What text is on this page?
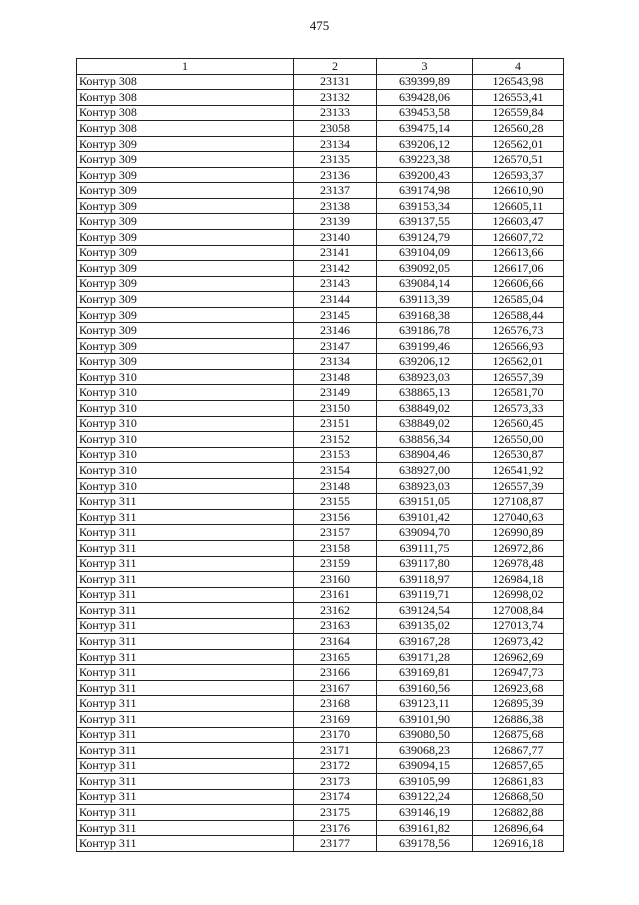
475
1	2	3	4
Контур 308	23131	639399,89	126543,98
Контур 308	23132	639428,06	126553,41
Контур 308	23133	639453,58	126559,84
Контур 308	23058	639475,14	126560,28
Контур 309	23134	639206,12	126562,01
Контур 309	23135	639223,38	126570,51
Контур 309	23136	639200,43	126593,37
Контур 309	23137	639174,98	126610,90
Контур 309	23138	639153,34	126605,11
Контур 309	23139	639137,55	126603,47
Контур 309	23140	639124,79	126607,72
Контур 309	23141	639104,09	126613,66
Контур 309	23142	639092,05	126617,06
Контур 309	23143	639084,14	126606,66
Контур 309	23144	639113,39	126585,04
Контур 309	23145	639168,38	126588,44
Контур 309	23146	639186,78	126576,73
Контур 309	23147	639199,46	126566,93
Контур 309	23134	639206,12	126562,01
Контур 310	23148	638923,03	126557,39
Контур 310	23149	638865,13	126581,70
Контур 310	23150	638849,02	126573,33
Контур 310	23151	638849,02	126560,45
Контур 310	23152	638856,34	126550,00
Контур 310	23153	638904,46	126530,87
Контур 310	23154	638927,00	126541,92
Контур 310	23148	638923,03	126557,39
Контур 311	23155	639151,05	127108,87
Контур 311	23156	639101,42	127040,63
Контур 311	23157	639094,70	126990,89
Контур 311	23158	639111,75	126972,86
Контур 311	23159	639117,80	126978,48
Контур 311	23160	639118,97	126984,18
Контур 311	23161	639119,71	126998,02
Контур 311	23162	639124,54	127008,84
Контур 311	23163	639135,02	127013,74
Контур 311	23164	639167,28	126973,42
Контур 311	23165	639171,28	126962,69
Контур 311	23166	639169,81	126947,73
Контур 311	23167	639160,56	126923,68
Контур 311	23168	639123,11	126895,39
Контур 311	23169	639101,90	126886,38
Контур 311	23170	639080,50	126875,68
Контур 311	23171	639068,23	126867,77
Контур 311	23172	639094,15	126857,65
Контур 311	23173	639105,99	126861,83
Контур 311	23174	639122,24	126868,50
Контур 311	23175	639146,19	126882,88
Контур 311	23176	639161,82	126896,64
Контур 311	23177	639178,56	126916,18
